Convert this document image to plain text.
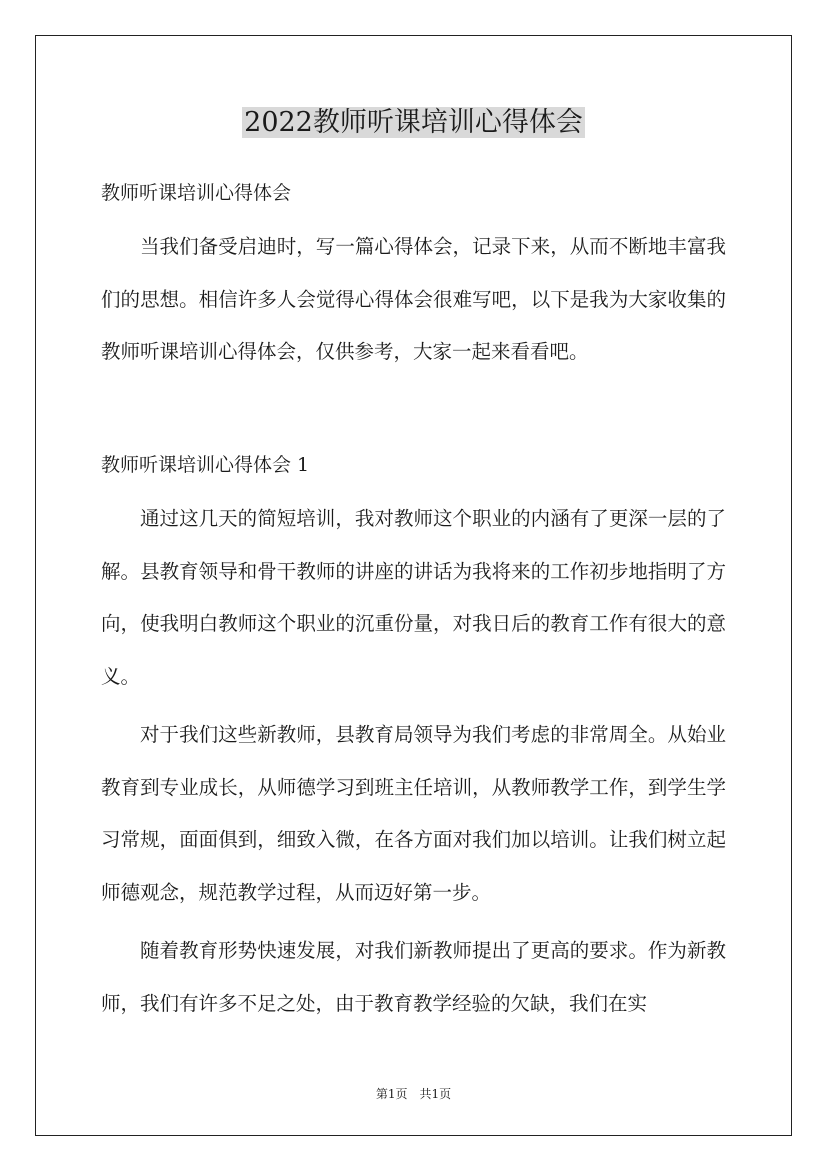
2022教师听课培训心得体会
教师听课培训心得体会

当我们备受启迪时，写一篇心得体会，记录下来，从而不断地丰富我们的思想。相信许多人会觉得心得体会很难写吧，以下是我为大家收集的教师听课培训心得体会，仅供参考，大家一起来看看吧。

教师听课培训心得体会 1

通过这几天的简短培训，我对教师这个职业的内涵有了更深一层的了解。县教育领导和骨干教师的讲座的讲话为我将来的工作初步地指明了方向，使我明白教师这个职业的沉重份量，对我日后的教育工作有很大的意义。

对于我们这些新教师，县教育局领导为我们考虑的非常周全。从始业教育到专业成长，从师德学习到班主任培训，从教师教学工作，到学生学习常规，面面俱到，细致入微，在各方面对我们加以培训。让我们树立起师德观念，规范教学过程，从而迈好第一步。

随着教育形势快速发展，对我们新教师提出了更高的要求。作为新教师，我们有许多不足之处，由于教育教学经验的欠缺，我们在实

第1页　共1页
